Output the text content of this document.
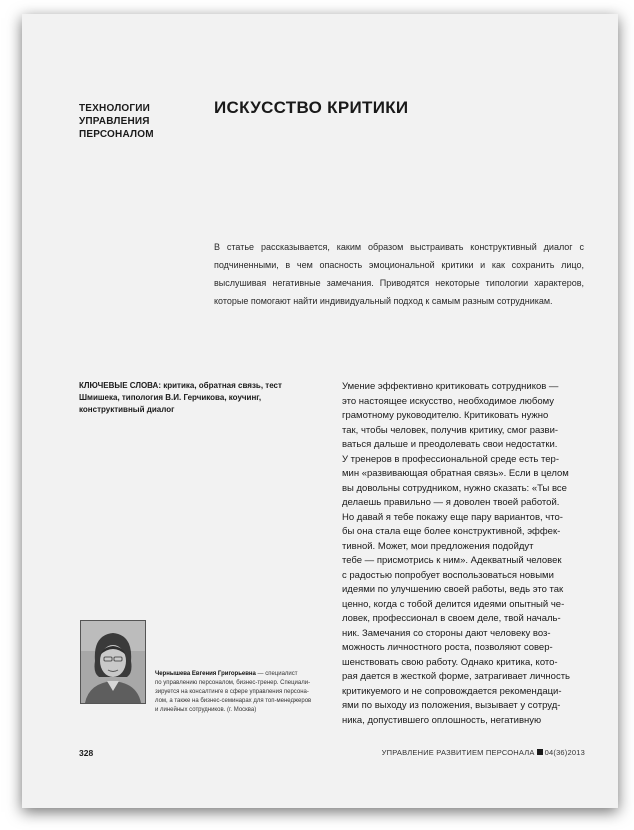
ТЕХНОЛОГИИ
УПРАВЛЕНИЯ
ПЕРСОНАЛОМ
ИСКУССТВО КРИТИКИ
В статье рассказывается, каким образом выстраивать конструктивный диалог с подчиненными, в чем опасность эмоциональной критики и как сохранить лицо, выслушивая негативные замечания. Приводятся некоторые типологии характеров, которые помогают найти индивидуальный подход к самым разным сотрудникам.
КЛЮЧЕВЫЕ СЛОВА: критика, обратная связь, тест Шмишека, типология В.И. Герчикова, коучинг, конструктивный диалог
Умение эффективно критиковать сотрудников —
это настоящее искусство, необходимое любому
грамотному руководителю. Критиковать нужно
так, чтобы человек, получив критику, смог разви-
ваться дальше и преодолевать свои недостатки.
У тренеров в профессиональной среде есть тер-
мин «развивающая обратная связь». Если в целом
вы довольны сотрудником, нужно сказать: «Ты все
делаешь правильно — я доволен твоей работой.
Но давай я тебе покажу еще пару вариантов, что-
бы она стала еще более конструктивной, эффек-
тивной. Может, мои предложения подойдут
тебе — присмотрись к ним». Адекватный человек
с радостью попробует воспользоваться новыми
идеями по улучшению своей работы, ведь это так
ценно, когда с тобой делится идеями опытный че-
ловек, профессионал в своем деле, твой началь-
ник. Замечания со стороны дают человеку воз-
можность личностного роста, позволяют совер-
шенствовать свою работу. Однако критика, кото-
рая дается в жесткой форме, затрагивает личность
критикуемого и не сопровождается рекомендаци-
ями по выходу из положения, вызывает у сотруд-
ника, допустившего оплошность, негативную
Чернышева Евгения Григорьевна — специалист
по управлению персоналом, бизнес-тренер. Специали-
зируется на консалтинге в сфере управления персона-
лом, а также на бизнес-семинарах для топ-менеджеров
и линейных сотрудников. (г. Москва)
328	УПРАВЛЕНИЕ РАЗВИТИЕМ ПЕРСОНАЛА 04(36)2013
